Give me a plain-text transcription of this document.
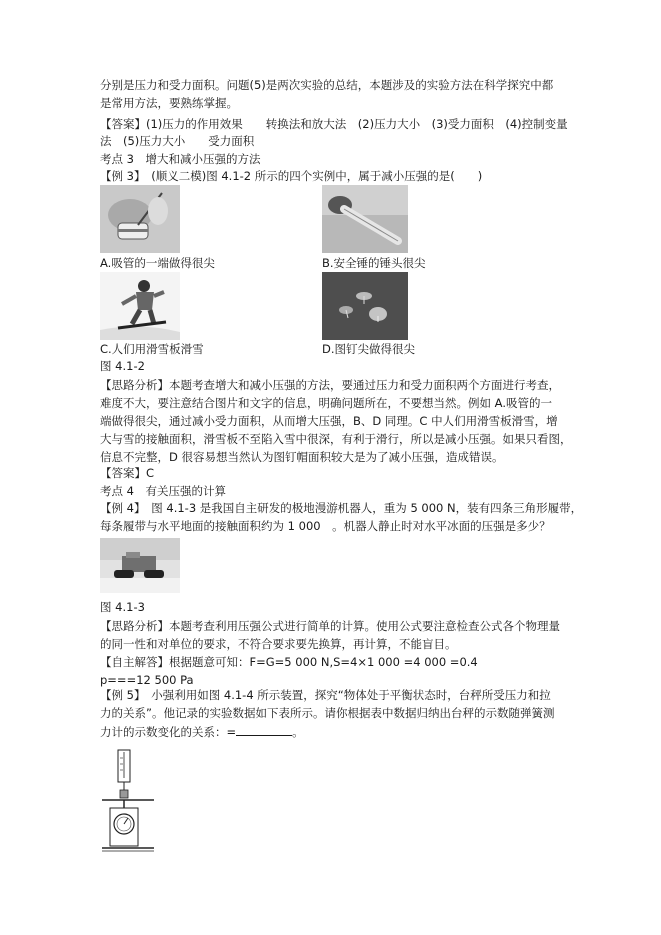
分别是压力和受力面积。问题(5)是两次实验的总结，本题涉及的实验方法在科学探究中都
是常用方法，要熟练掌握。
【答案】(1)压力的作用效果　　转换法和放大法　(2)压力大小　(3)受力面积　(4)控制变量
法　(5)压力大小　　受力面积
考点 3　增大和减小压强的方法
【例 3】　(顺义二模)图 4.1-2 所示的四个实例中，属于减小压强的是(　　)
A.吸管的一端做得很尖	B.安全锤的锤头很尖
C.人们用滑雪板滑雪	D.图钉尖做得很尖
图 4.1-2
【思路分析】本题考查增大和减小压强的方法，要通过压力和受力面积两个方面进行考查，
难度不大，要注意结合图片和文字的信息，明确问题所在，不要想当然。例如 A.吸管的一
端做得很尖，通过减小受力面积，从而增大压强，B、D 同理。C 中人们用滑雪板滑雪，增
大与雪的接触面积，滑雪板不至陷入雪中很深，有利于滑行，所以是减小压强。如果只看图，
信息不完整，D 很容易想当然认为图钉帽面积较大是为了减小压强，造成错误。
【答案】C
考点 4　有关压强的计算
【例 4】　图 4.1-3 是我国自主研发的极地漫游机器人，重为 5 000 N，装有四条三角形履带，
每条履带与水平地面的接触面积约为 1 000　。机器人静止时对水平冰面的压强是多少？
图 4.1-3
【思路分析】本题考查利用压强公式进行简单的计算。使用公式要注意检查公式各个物理量
的同一性和对单位的要求，不符合要求要先换算，再计算，不能盲目。
【自主解答】根据题意可知：F=G=5 000 N,S=4×1 000 =4 000 =0.4
p===12 500 Pa
【例 5】　小强利用如图 4.1-4 所示装置，探究“物体处于平衡状态时，台秤所受压力和拉
力的关系”。他记录的实验数据如下表所示。请你根据表中数据归纳出台秤的示数随弹簧测
力计的示数变化的关系：=	。
